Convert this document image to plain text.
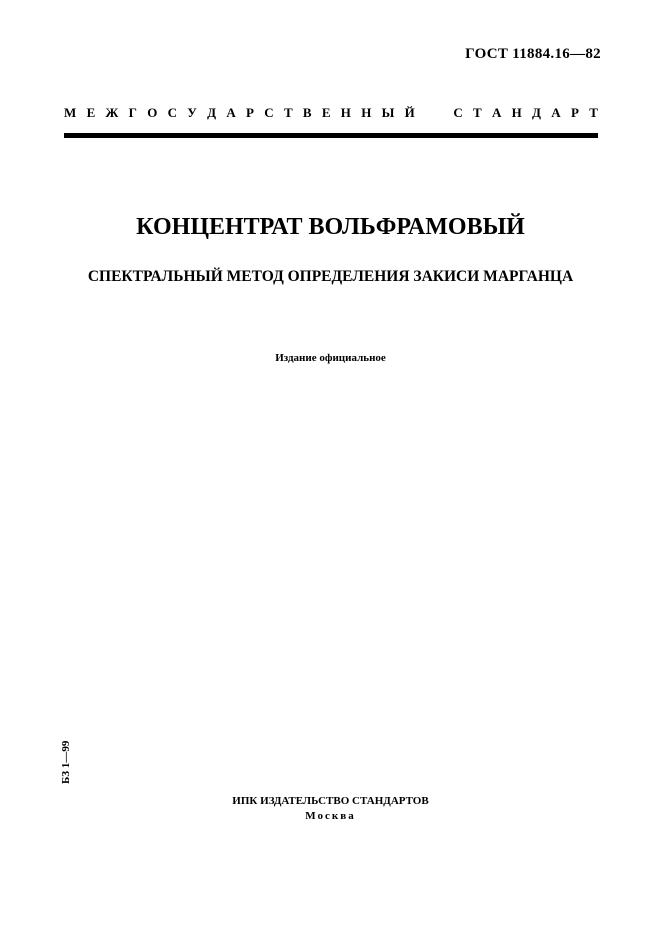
ГОСТ 11884.16—82
М Е Ж Г О С У Д А Р С Т В Е Н Н Ы Й
	С Т А Н Д А Р Т
КОНЦЕНТРАТ ВОЛЬФРАМОВЫЙ
СПЕКТРАЛЬНЫЙ МЕТОД ОПРЕДЕЛЕНИЯ ЗАКИСИ МАРГАНЦА
Издание официальное
БЗ 1—99
ИПК ИЗДАТЕЛЬСТВО СТАНДАРТОВ
Москва
